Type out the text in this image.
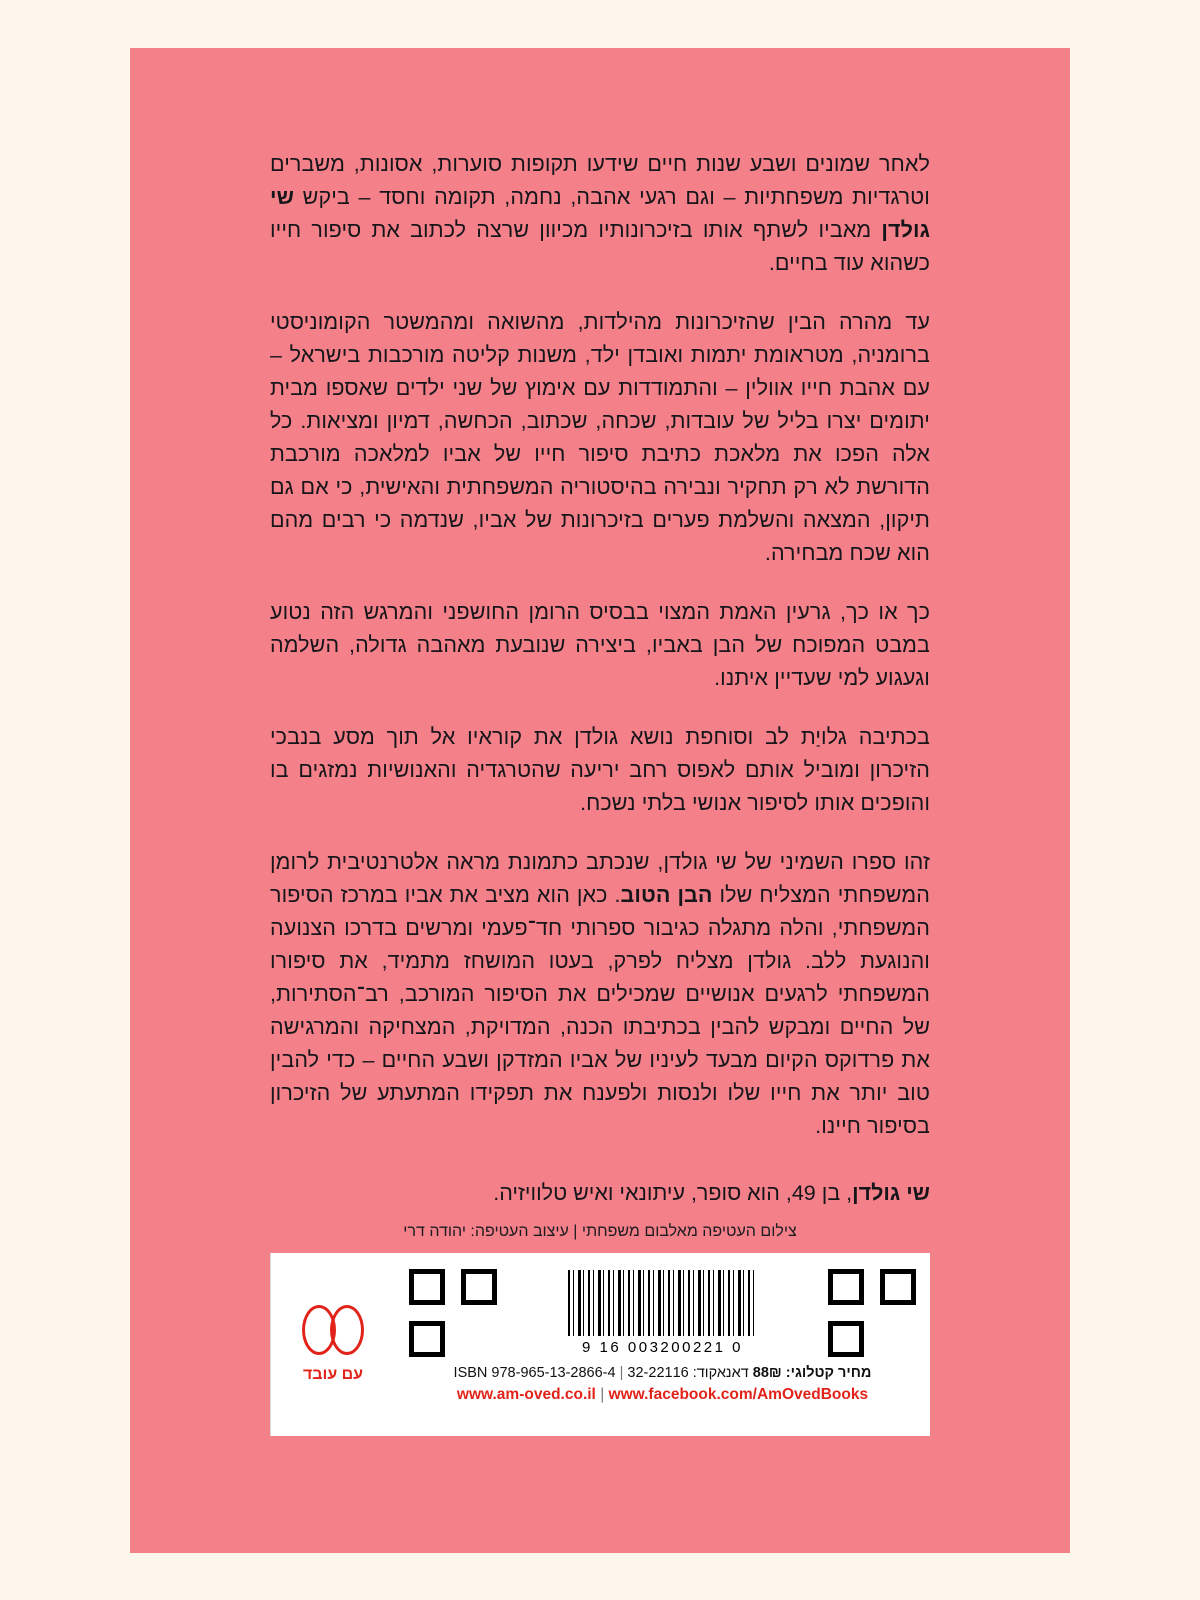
לאחר שמונים ושבע שנות חיים שידעו תקופות סוערות, אסונות, משברים וטרגדיות משפחתיות – וגם רגעי אהבה, נחמה, תקומה וחסד – ביקש שי גולדן מאביו לשתף אותו בזיכרונותיו מכיוון שרצה לכתוב את סיפור חייו כשהוא עוד בחיים.

עד מהרה הבין שהזיכרונות מהילדות, מהשואה ומהמשטר הקומוניסטי ברומניה, מטראומת יתמות ואובדן ילד, משנות קליטה מורכבות בישראל – עם אהבת חייו אוולין – והתמודדות עם אימוץ של שני ילדים שאספו מבית יתומים יצרו בליל של עובדות, שכחה, שכתוב, הכחשה, דמיון ומציאות. כל אלה הפכו את מלאכת כתיבת סיפור חייו של אביו למלאכה מורכבת הדורשת לא רק תחקיר ונבירה בהיסטוריה המשפחתית והאישית, כי אם גם תיקון, המצאה והשלמת פערים בזיכרונות של אביו, שנדמה כי רבים מהם הוא שכח מבחירה.

כך או כך, גרעין האמת המצוי בבסיס הרומן החושפני והמרגש הזה נטוע במבט המפוכח של הבן באביו, ביצירה שנובעת מאהבה גדולה, השלמה וגעגוע למי שעדיין איתנו.

בכתיבה גלויַת לב וסוחפת נושא גולדן את קוראיו אל תוך מסע בנבכי הזיכרון ומוביל אותם לאפוס רחב יריעה שהטרגדיה והאנושיות נמזגים בו והופכים אותו לסיפור אנושי בלתי נשכח.

זהו ספרו השמיני של שי גולדן, שנכתב כתמונת מראה אלטרנטיבית לרומן המשפחתי המצליח שלו הבן הטוב. כאן הוא מציב את אביו במרכז הסיפור המשפחתי, והלה מתגלה כגיבור ספרותי חד־פעמי ומרשים בדרכו הצנועה והנוגעת ללב. גולדן מצליח לפרק, בעטו המושחז מתמיד, את סיפורו המשפחתי לרגעים אנושיים שמכילים את הסיפור המורכב, רב־הסתירות, של החיים ומבקש להבין בכתיבתו הכנה, המדויקת, המצחיקה והמרגישה את פרדוקס הקיום מבעד לעיניו של אביו המזדקן ושבע החיים – כדי להבין טוב יותר את חייו שלו ולנסות ולפענח את תפקידו המתעתע של הזיכרון בסיפור חיינו.

שי גולדן, בן 49, הוא סופר, עיתונאי ואיש טלוויזיה.

צילום העטיפה מאלבום משפחתי | עיצוב העטיפה: יהודה דרי
עם עובד
0 003200221 16 9
מחיר קטלוגי: 88₪ דאנאקוד: 32-22116 | ISBN 978-965-13-2866-4
www.am-oved.co.il | www.facebook.com/AmOvedBooks
